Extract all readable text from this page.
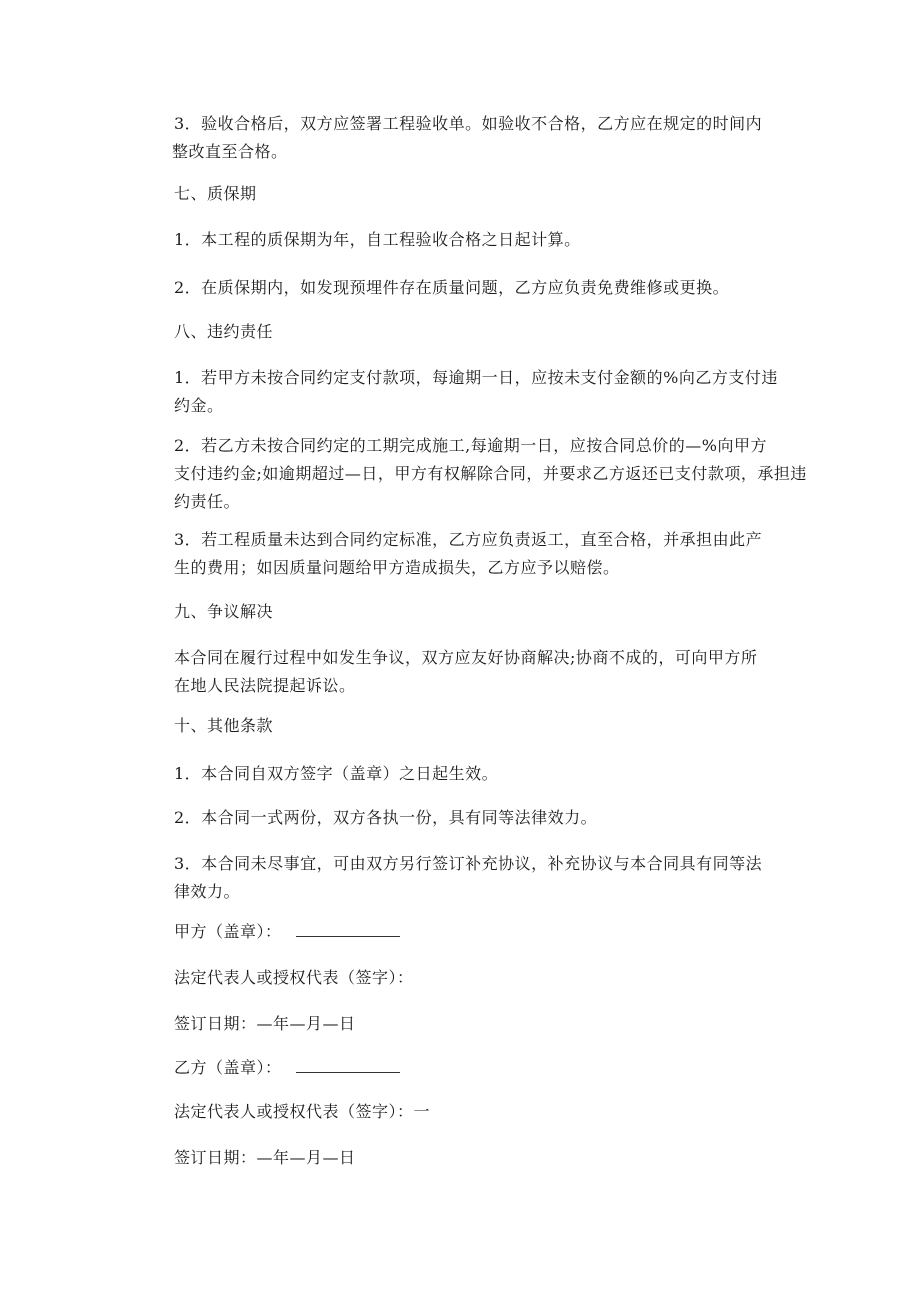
3．验收合格后，双方应签署工程验收单。如验收不合格，乙方应在规定的时间内
整改直至合格。
七、质保期
1．本工程的质保期为年，自工程验收合格之日起计算。
2．在质保期内，如发现预埋件存在质量问题，乙方应负责免费维修或更换。
八、违约责任
1．若甲方未按合同约定支付款项，每逾期一日，应按未支付金额的%向乙方支付违
约金。
2．若乙方未按合同约定的工期完成施工,每逾期一日，应按合同总价的—%向甲方
支付违约金;如逾期超过—日，甲方有权解除合同，并要求乙方返还已支付款项，承担违
约责任。
3．若工程质量未达到合同约定标准，乙方应负责返工，直至合格，并承担由此产
生的费用；如因质量问题给甲方造成损失，乙方应予以赔偿。
九、争议解决
本合同在履行过程中如发生争议，双方应友好协商解决;协商不成的，可向甲方所
在地人民法院提起诉讼。
十、其他条款
1．本合同自双方签字（盖章）之日起生效。
2．本合同一式两份，双方各执一份，具有同等法律效力。
3．本合同未尽事宜，可由双方另行签订补充协议，补充协议与本合同具有同等法
律效力。
甲方（盖章）：
法定代表人或授权代表（签字）：
签订日期：—年—月—日
乙方（盖章）：
法定代表人或授权代表（签字）：一
签订日期：—年—月—日
